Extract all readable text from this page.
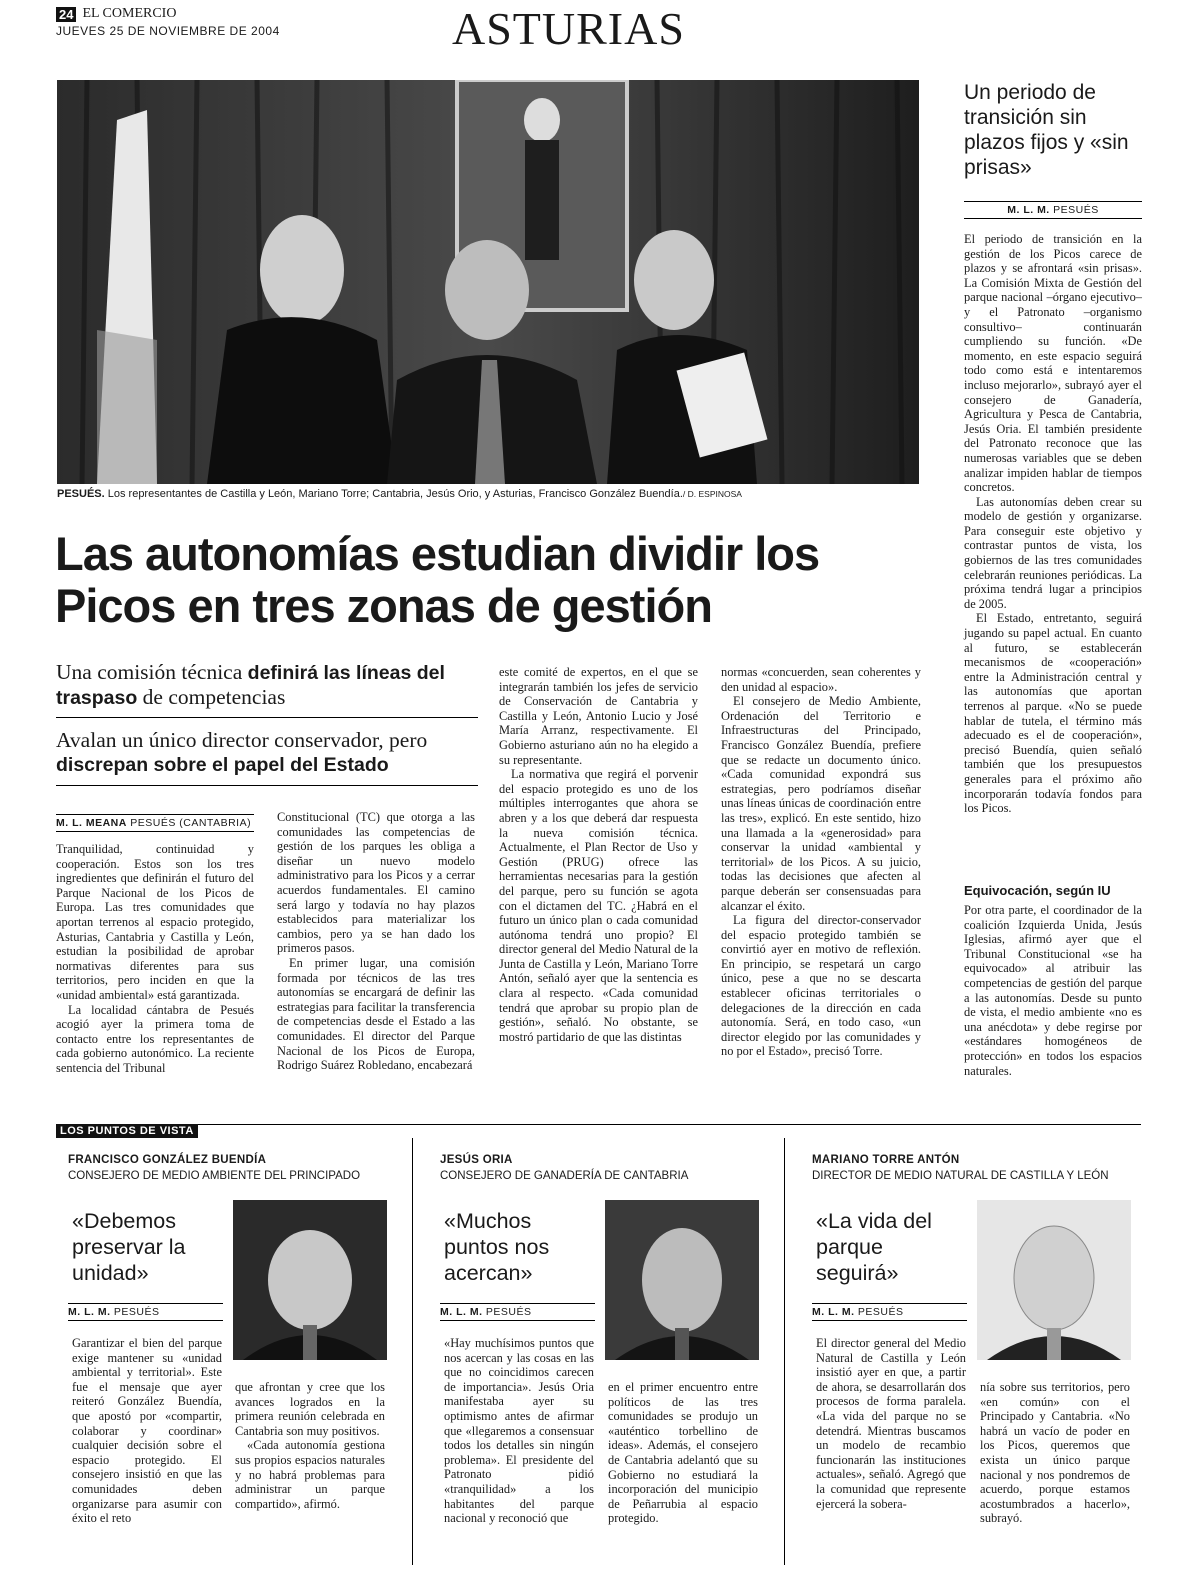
24 EL COMERCIO
JUEVES 25 DE NOVIEMBRE DE 2004	ASTURIAS
PESUÉS. Los representantes de Castilla y León, Mariano Torre; Cantabria, Jesús Orio, y Asturias, Francisco González Buendía./ D. ESPINOSA
Las autonomías estudian dividir los Picos en tres zonas de gestión
Una comisión técnica definirá las líneas del traspaso de competencias
Avalan un único director conservador, pero discrepan sobre el papel del Estado
M. L. MEANA PESUÉS (CANTABRIA)

Tranquilidad, continuidad y cooperación. Estos son los tres ingredientes que definirán el futuro del Parque Nacional de los Picos de Europa. Las tres comunidades que aportan terrenos al espacio protegido, Asturias, Cantabria y Castilla y León, estudian la posibilidad de aprobar normativas diferentes para sus territorios, pero inciden en que la «unidad ambiental» está garantizada.

La localidad cántabra de Pesués acogió ayer la primera toma de contacto entre los representantes de cada gobierno autonómico. La reciente sentencia del Tribunal

Constitucional (TC) que otorga a las comunidades las competencias de gestión de los parques les obliga a diseñar un nuevo modelo administrativo para los Picos y a cerrar acuerdos fundamentales. El camino será largo y todavía no hay plazos establecidos para materializar los cambios, pero ya se han dado los primeros pasos.

En primer lugar, una comisión formada por técnicos de las tres autonomías se encargará de definir las estrategias para facilitar la transferencia de competencias desde el Estado a las comunidades. El director del Parque Nacional de los Picos de Europa, Rodrigo Suárez Robledano, encabezará

este comité de expertos, en el que se integrarán también los jefes de servicio de Conservación de Cantabria y Castilla y León, Antonio Lucio y José María Arranz, respectivamente. El Gobierno asturiano aún no ha elegido a su representante.

La normativa que regirá el porvenir del espacio protegido es uno de los múltiples interrogantes que ahora se abren y a los que deberá dar respuesta la nueva comisión técnica. Actualmente, el Plan Rector de Uso y Gestión (PRUG) ofrece las herramientas necesarias para la gestión del parque, pero su función se agota con el dictamen del TC. ¿Habrá en el futuro un único plan o cada comunidad autónoma tendrá uno propio? El director general del Medio Natural de la Junta de Castilla y León, Mariano Torre Antón, señaló ayer que la sentencia es clara al respecto. «Cada comunidad tendrá que aprobar su propio plan de gestión», señaló. No obstante, se mostró partidario de que las distintas

normas «concuerden, sean coherentes y den unidad al espacio».

El consejero de Medio Ambiente, Ordenación del Territorio e Infraestructuras del Principado, Francisco González Buendía, prefiere que se redacte un documento único. «Cada comunidad expondrá sus estrategias, pero podríamos diseñar unas líneas únicas de coordinación entre las tres», explicó. En este sentido, hizo una llamada a la «generosidad» para conservar la unidad «ambiental y territorial» de los Picos. A su juicio, todas las decisiones que afecten al parque deberán ser consensuadas para alcanzar el éxito.

La figura del director-conservador del espacio protegido también se convirtió ayer en motivo de reflexión. En principio, se respetará un cargo único, pese a que no se descarta establecer oficinas territoriales o delegaciones de la dirección en cada autonomía. Será, en todo caso, «un director elegido por las comunidades y no por el Estado», precisó Torre.

Un periodo de transición sin plazos fijos y «sin prisas»
M. L. M. PESUÉS

El periodo de transición en la gestión de los Picos carece de plazos y se afrontará «sin prisas». La Comisión Mixta de Gestión del parque nacional –órgano ejecutivo– y el Patronato –organismo consultivo– continuarán cumpliendo su función. «De momento, en este espacio seguirá todo como está e intentaremos incluso mejorarlo», subrayó ayer el consejero de Ganadería, Agricultura y Pesca de Cantabria, Jesús Oria. El también presidente del Patronato reconoce que las numerosas variables que se deben analizar impiden hablar de tiempos concretos.

Las autonomías deben crear su modelo de gestión y organizarse. Para conseguir este objetivo y contrastar puntos de vista, los gobiernos de las tres comunidades celebrarán reuniones periódicas. La próxima tendrá lugar a principios de 2005.

El Estado, entretanto, seguirá jugando su papel actual. En cuanto al futuro, se establecerán mecanismos de «cooperación» entre la Administración central y las autonomías que aportan terrenos al parque. «No se puede hablar de tutela, el término más adecuado es el de cooperación», precisó Buendía, quien señaló también que los presupuestos generales para el próximo año incorporarán todavía fondos para los Picos.

Equivocación, según IU

Por otra parte, el coordinador de la coalición Izquierda Unida, Jesús Iglesias, afirmó ayer que el Tribunal Constitucional «se ha equivocado» al atribuir las competencias de gestión del parque a las autonomías. Desde su punto de vista, el medio ambiente «no es una anécdota» y debe regirse por «estándares homogéneos de protección» en todos los espacios naturales.

LOS PUNTOS DE VISTA
FRANCISCO GONZÁLEZ BUENDÍA
CONSEJERO DE MEDIO AMBIENTE DEL PRINCIPADO
«Debemos preservar la unidad»
M. L. M. PESUÉS

Garantizar el bien del parque exige mantener su «unidad ambiental y territorial». Este fue el mensaje que ayer reiteró González Buendía, que apostó por «compartir, colaborar y coordinar» cualquier decisión sobre el espacio protegido. El consejero insistió en que las comunidades deben organizarse para asumir con éxito el reto

que afrontan y cree que los avances logrados en la primera reunión celebrada en Cantabria son muy positivos.

«Cada autonomía gestiona sus propios espacios naturales y no habrá problemas para administrar un parque compartido», afirmó.

JESÚS ORIA
CONSEJERO DE GANADERÍA DE CANTABRIA
«Muchos puntos nos acercan»
M. L. M. PESUÉS

«Hay muchísimos puntos que nos acercan y las cosas en las que no coincidimos carecen de importancia». Jesús Oria manifestaba ayer su optimismo antes de afirmar que «llegaremos a consensuar todos los detalles sin ningún problema». El presidente del Patronato pidió «tranquilidad» a los habitantes del parque nacional y reconoció que

en el primer encuentro entre políticos de las tres comunidades se produjo un «auténtico torbellino de ideas». Además, el consejero de Cantabria adelantó que su Gobierno no estudiará la incorporación del municipio de Peñarrubia al espacio protegido.

MARIANO TORRE ANTÓN
DIRECTOR DE MEDIO NATURAL DE CASTILLA Y LEÓN
«La vida del parque seguirá»
M. L. M. PESUÉS

El director general del Medio Natural de Castilla y León insistió ayer en que, a partir de ahora, se desarrollarán dos procesos de forma paralela. «La vida del parque no se detendrá. Mientras buscamos un modelo de recambio funcionarán las instituciones actuales», señaló. Agregó que la comunidad que represente ejercerá la sobera-

nía sobre sus territorios, pero «en común» con el Principado y Cantabria. «No habrá un vacío de poder en los Picos, queremos que exista un único parque nacional y nos pondremos de acuerdo, porque estamos acostumbrados a hacerlo», subrayó.
